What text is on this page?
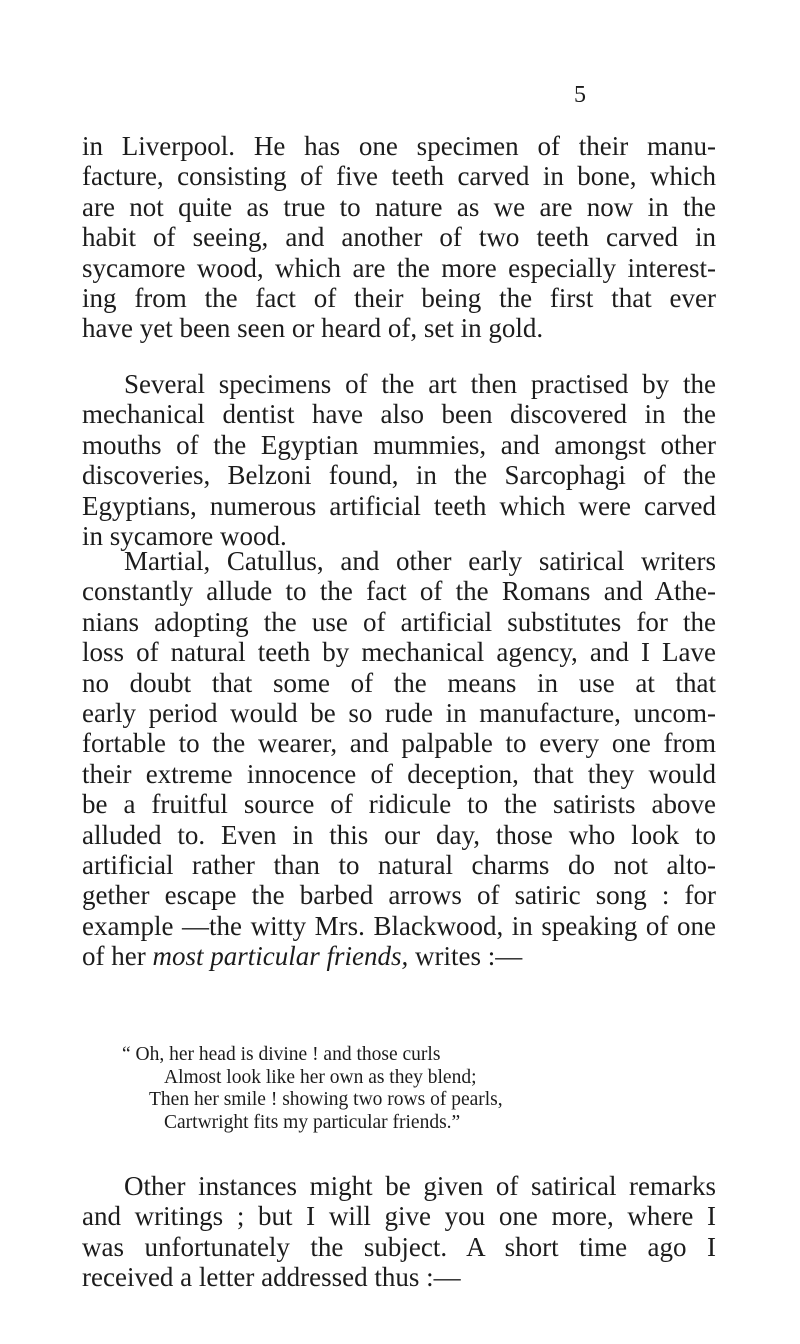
5
in Liverpool. He has one specimen of their manu-
facture, consisting of five teeth carved in bone, which
are not quite as true to nature as we are now in the
habit of seeing, and another of two teeth carved in
sycamore wood, which are the more especially interest-
ing from the fact of their being the first that ever
have yet been seen or heard of, set in gold.
Several specimens of the art then practised by the
mechanical dentist have also been discovered in the
mouths of the Egyptian mummies, and amongst other
discoveries, Belzoni found, in the Sarcophagi of the
Egyptians, numerous artificial teeth which were carved
in sycamore wood.
Martial, Catullus, and other early satirical writers
constantly allude to the fact of the Romans and Athe-
nians adopting the use of artificial substitutes for the
loss of natural teeth by mechanical agency, and I Lave
no doubt that some of the means in use at that
early period would be so rude in manufacture, uncom-
fortable to the wearer, and palpable to every one from
their extreme innocence of deception, that they would
be a fruitful source of ridicule to the satirists above
alluded to. Even in this our day, those who look to
artificial rather than to natural charms do not alto-
gether escape the barbed arrows of satiric song : for
example —the witty Mrs. Blackwood, in speaking of one
of her most particular friends, writes :—
“ Oh, her head is divine ! and those curls
Almost look like her own as they blend;
Then her smile ! showing two rows of pearls,
Cartwright fits my particular friends.”
Other instances might be given of satirical remarks
and writings ; but I will give you one more, where I
was unfortunately the subject. A short time ago I
received a letter addressed thus :—
